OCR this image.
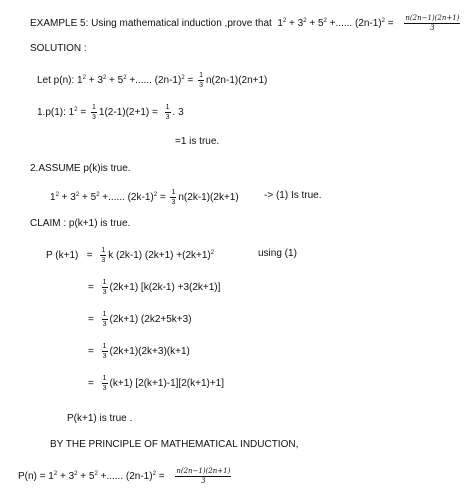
EXAMPLE 5: Using mathematical induction ,prove that $1^2 + 3^2 + 5^2$ +...... $(2n-1)^2 = \frac{n(2n-1)(2n+1)}{3}$
SOLUTION :
Let p(n): $1^2 + 3^2 + 5^2$ +...... $(2n-1)^2 = \frac{1}{3} n(2n-1)(2n+1)$
1.p(1): $1^2 = \frac{1}{3} 1(2-1)(2+1) = \frac{1}{3}$ . 3
=1 is true.
2.ASSUME p(k)is true.
$1^2 + 3^2 + 5^2$ +...... $(2k-1)^2 = \frac{1}{3} n(2k-1)(2k+1)$	-> (1) Is true.
CLAIM : p(k+1) is true.
P $(k+1) = \frac{1}{3}$ k (2k-1) $(2k+1) +(2k+1)^2$	using (1)
= $\frac{1}{3} (2k+1)$ [k(2k-1) +3(2k+1)]
= $\frac{1}{3} (2k+1)$ (2k2+5k+3)
= $\frac{1}{3} (2k+1)(2k+3)(k+1)$
= $\frac{1}{3} (k+1)$ [2(k+1)-1][2(k+1)+1]
P(k+1) is true .
BY THE PRINCIPLE OF MATHEMATICAL INDUCTION,
$P(n) = 1^2 + 3^2 + 5^2$ +...... $(2n-1)^2 = \frac{n(2n-1)(2n+1)}{3}$
